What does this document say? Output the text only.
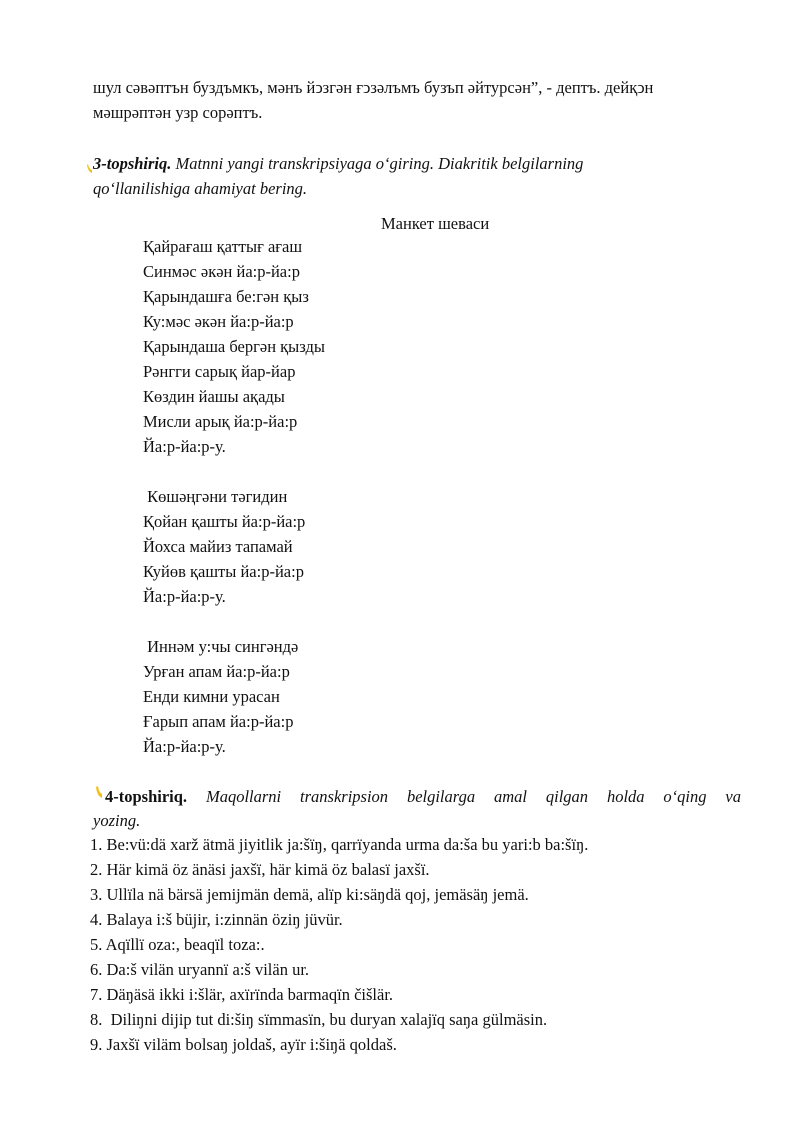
шул сәвәптън буздъмкъ, мәнъ йↄзгән ғↄзәлъмъ бузъп әйтурсән”, - дептъ. дейқↄн
мәшрәптән узр сорәптъ.
3-topshiriq. Matnni yangi transkripsiyaga oʻgiring. Diakritik belgilarning
qoʻllanilishiga ahamiyat bering.
Манкет шеваси
Қайрағаш қаттығ ағаш
Синмәс әкән йа:р-йа:р
Қарындашға бе:гән қыз
Ку:мәс әкән йа:р-йа:р
Қарындаша бергән қызды
Рәнгги сарық йар-йар
Көздин йашы ақады
Мисли арық йа:р-йа:р
Йа:р-йа:р-у.
Көшәңгәни тәгидин
Қойан қашты йа:р-йа:р
Йохса майиз тапамай
Куйөв қашты йа:р-йа:р
Йа:р-йа:р-у.
Иннәм у:чы сингәндә
Урған апам йа:р-йа:р
Енди кимни урасан
Ғарып апам йа:р-йа:р
Йа:р-йа:р-у.
4-topshiriq. Maqollarni transkripsion belgilarga amal qilgan holda oʻqing va
yozing.
1. Be:vü:dä xarž ätmä jiyitlik ja:šïŋ, qarrïyanda urma da:ša bu yari:b ba:šïŋ.
2. Här kimä öz änäsi jaxšï, här kimä öz balasï jaxšï.
3. Ullïla nä bärsä jemijmän demä, alïp ki:säŋdä qoj, jemäsäŋ jemä.
4. Balaya i:š büjir, i:zinnän öziŋ jüvür.
5. Aqïllï oza:, beaqïl toza:.
6. Da:š vilän uryannï a:š vilän ur.
7. Däŋäsä ikki i:šlär, axïrïnda barmaqïn čišlär.
8.  Diliŋni dijip tut di:šiŋ sïmmasïn, bu duryan xalajïq saŋa gülmäsin.
9. Jaxšï viläm bolsaŋ joldaš, ayïr i:šiŋä qoldaš.
